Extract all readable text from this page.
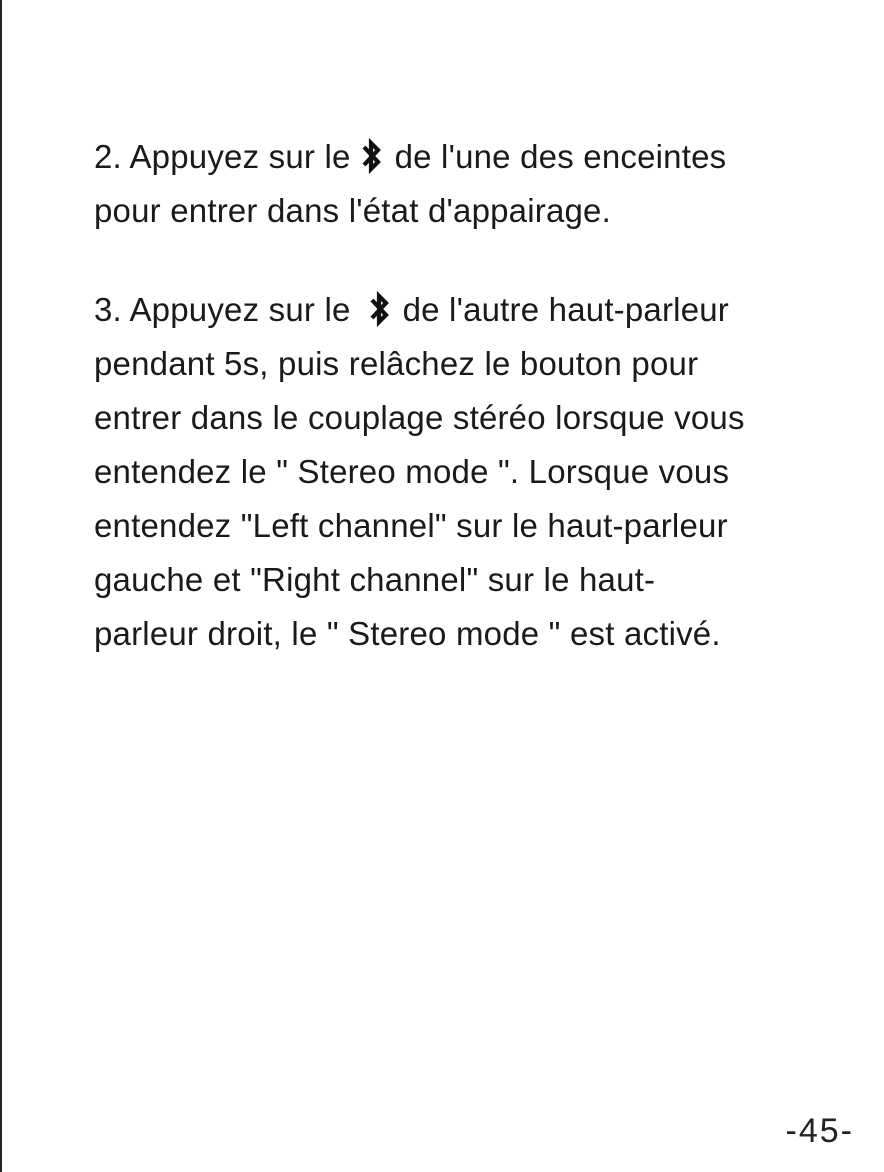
2. Appuyez sur le de l'une des enceintes
pour entrer dans l'état d'appairage.

3. Appuyez sur le de l'autre haut-parleur
pendant 5s, puis relâchez le bouton pour
entrer dans le couplage stéréo lorsque vous
entendez le " Stereo mode ". Lorsque vous
entendez "Left channel" sur le haut-parleur
gauche et "Right channel" sur le haut-
parleur droit, le " Stereo mode " est activé.

-45-
